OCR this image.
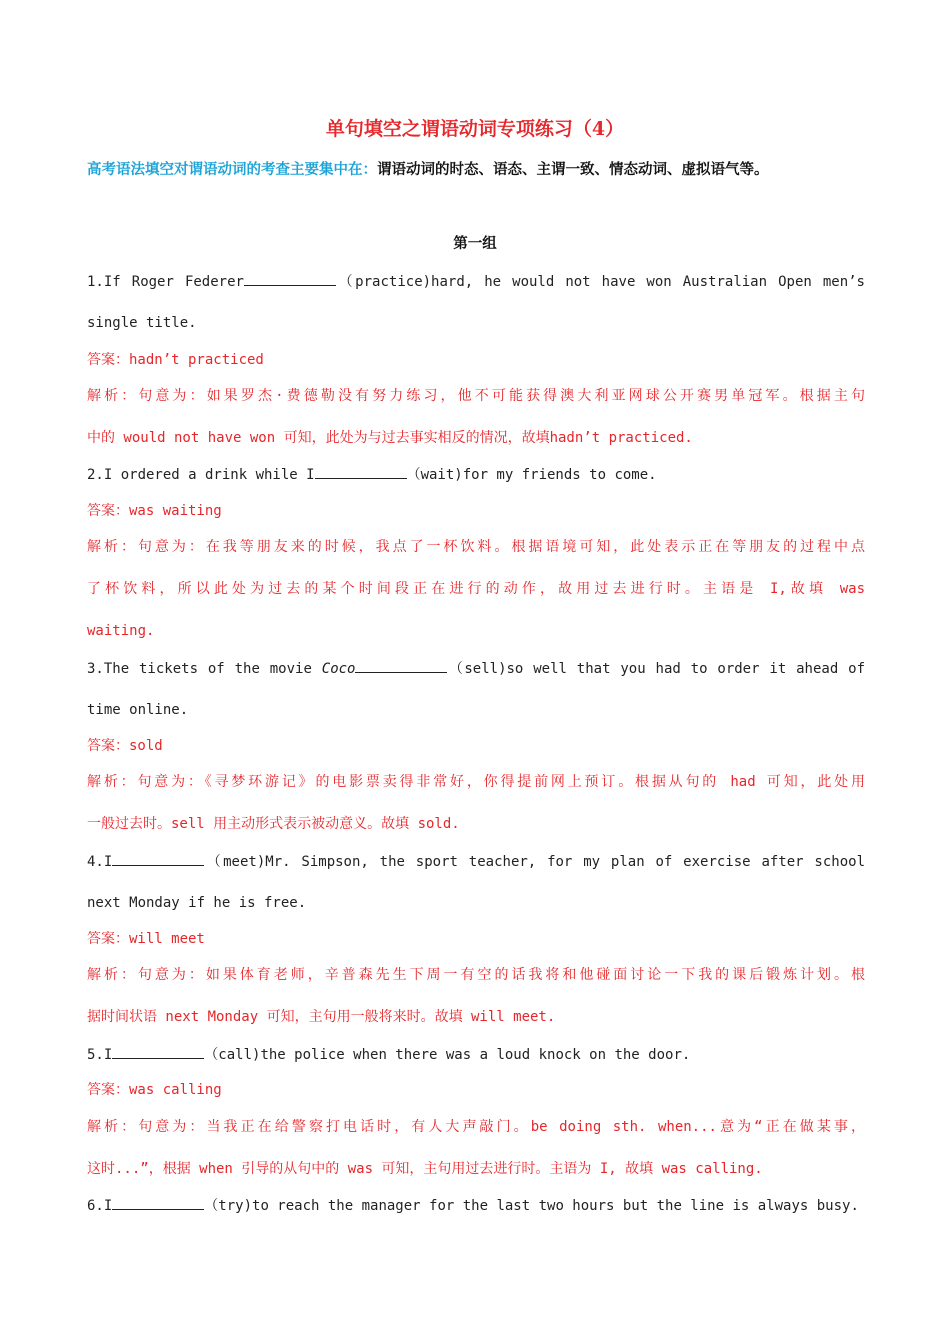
单句填空之谓语动词专项练习（4）
高考语法填空对谓语动词的考查主要集中在：谓语动词的时态、语态、主谓一致、情态动词、虚拟语气等。
第一组
1.If Roger Federer	（practice)hard, he would not have won Australian Open men’s
single title.
答案：hadn’t practiced
解析：句意为：如果罗杰·费德勒没有努力练习，他不可能获得澳大利亚网球公开赛男单冠军。根据主句
中的 would not have won 可知，此处为与过去事实相反的情况，故填hadn’t practiced.
2.I ordered a drink while I	（wait)for my friends to come.
答案：was waiting
解析：句意为：在我等朋友来的时候，我点了一杯饮料。根据语境可知，此处表示正在等朋友的过程中点
了杯饮料，所以此处为过去的某个时间段正在进行的动作，故用过去进行时。主语是 I,故填 was
waiting.
3.The tickets of the movie Coco	（sell)so well that you had to order it ahead of
time online.
答案：sold
解析：句意为：《寻梦环游记》的电影票卖得非常好，你得提前网上预订。根据从句的 had 可知，此处用
一般过去时。sell 用主动形式表示被动意义。故填 sold.
4.I	（meet)Mr. Simpson, the sport teacher, for my plan of exercise after school
next Monday if he is free.
答案：will meet
解析：句意为：如果体育老师，辛普森先生下周一有空的话我将和他碰面讨论一下我的课后锻炼计划。根
据时间状语 next Monday 可知，主句用一般将来时。故填 will meet.
5.I	（call)the police when there was a loud knock on the door.
答案：was calling
解析：句意为：当我正在给警察打电话时，有人大声敲门。be doing sth. when...意为“正在做某事，
这时...”，根据 when 引导的从句中的 was 可知，主句用过去进行时。主语为 I, 故填 was calling.
6.I	（try)to reach the manager for the last two hours but the line is always busy.
